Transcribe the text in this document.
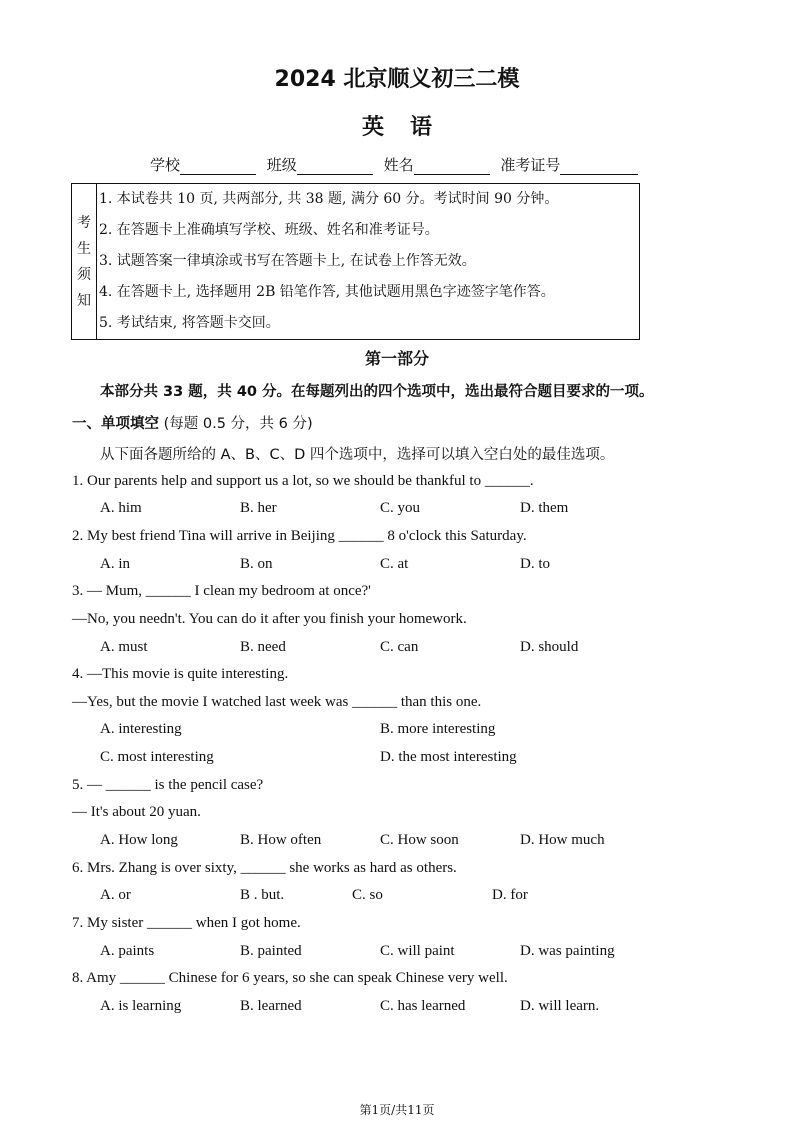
2024 北京顺义初三二模
英语
学校	班级	姓名	准考证号
考
生
须
知
1. 本试卷共 10 页, 共两部分, 共 38 题, 满分 60 分。考试时间 90 分钟。
2. 在答题卡上准确填写学校、班级、姓名和准考证号。
3. 试题答案一律填涂或书写在答题卡上, 在试卷上作答无效。
4. 在答题卡上, 选择题用 2B 铅笔作答, 其他试题用黑色字迹签字笔作答。
5. 考试结束, 将答题卡交回。
第一部分
本部分共 33 题，共 40 分。在每题列出的四个选项中，选出最符合题目要求的一项。
一、单项填空 (每题 0.5 分，共 6 分)
从下面各题所给的 A、B、C、D 四个选项中，选择可以填入空白处的最佳选项。
1. Our parents help and support us a lot, so we should be thankful to ______.
A. him	B. her	C. you	D. them
2. My best friend Tina will arrive in Beijing ______ 8 o'clock this Saturday.
A. in	B. on	C. at	D. to
3. — Mum, ______ I clean my bedroom at once?'
—No, you needn't. You can do it after you finish your homework.
A. must	B. need	C. can	D. should
4. —This movie is quite interesting.
—Yes, but the movie I watched last week was ______ than this one.
A. interesting	B. more interesting
C. most interesting	D. the most interesting
5. — ______ is the pencil case?
— It's about 20 yuan.
A. How long	B. How often	C. How soon	D. How much
6. Mrs. Zhang is over sixty, ______ she works as hard as others.
A. or	B . but.	C. so	D. for
7. My sister ______ when I got home.
A. paints	B. painted	C. will paint	D. was painting
8. Amy ______ Chinese for 6 years, so she can speak Chinese very well.
A. is learning	B. learned	C. has learned	D. will learn.
第1页/共11页
